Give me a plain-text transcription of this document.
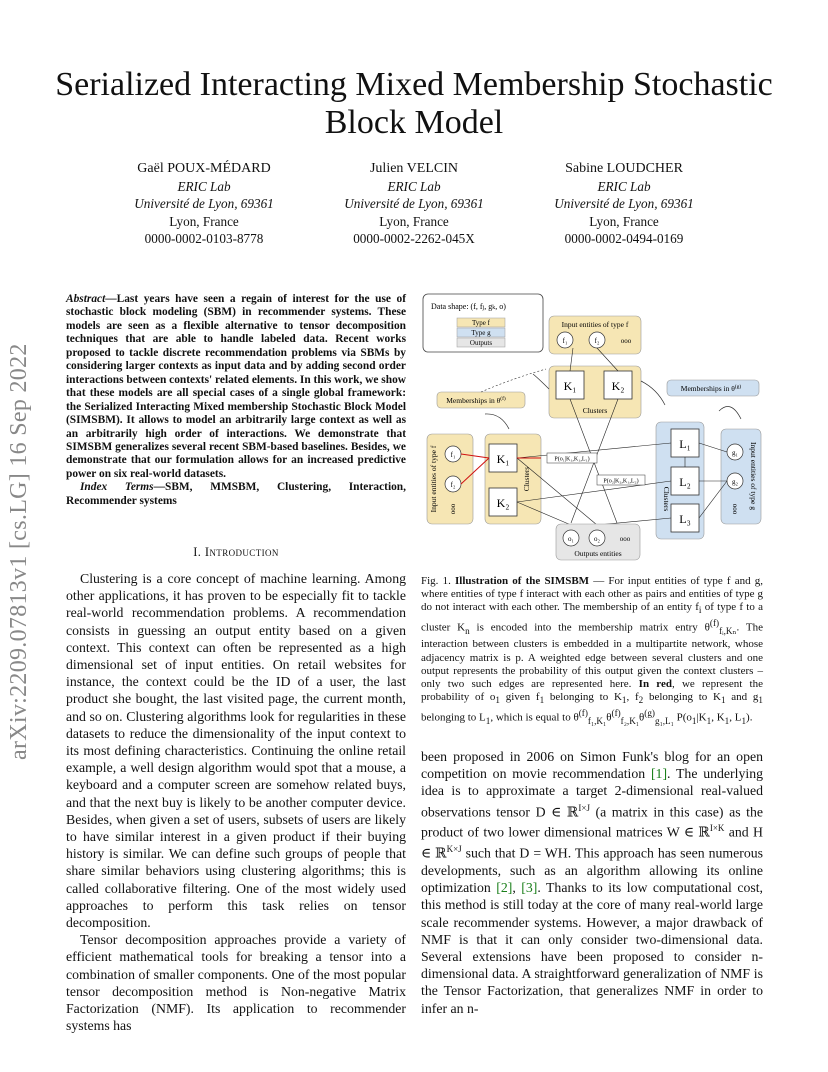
arXiv:2209.07813v1 [cs.LG] 16 Sep 2022
Serialized Interacting Mixed Membership Stochastic Block Model
Gaël POUX-MÉDARD
ERIC Lab
Université de Lyon, 69361
Lyon, France
0000-0002-0103-8778
Julien VELCIN
ERIC Lab
Université de Lyon, 69361
Lyon, France
0000-0002-2262-045X
Sabine LOUDCHER
ERIC Lab
Université de Lyon, 69361
Lyon, France
0000-0002-0494-0169
Abstract—Last years have seen a regain of interest for the use of stochastic block modeling (SBM) in recommender systems. These models are seen as a flexible alternative to tensor decomposition techniques that are able to handle labeled data. Recent works proposed to tackle discrete recommendation problems via SBMs by considering larger contexts as input data and by adding second order interactions between contexts' related elements. In this work, we show that these models are all special cases of a single global framework: the Serialized Interacting Mixed membership Stochastic Block Model (SIMSBM). It allows to model an arbitrarily large context as well as an arbitrarily high order of interactions. We demonstrate that SIMSBM generalizes several recent SBM-based baselines. Besides, we demonstrate that our formulation allows for an increased predictive power on six real-world datasets.
Index Terms—SBM, MMSBM, Clustering, Interaction, Recommender systems
I. Introduction

Clustering is a core concept of machine learning. Among other applications, it has proven to be especially fit to tackle real-world recommendation problems. A recommendation consists in guessing an output entity based on a given context. This context can often be represented as a high dimensional set of input entities. On retail websites for instance, the context could be the ID of a user, the last product she bought, the last visited page, the current month, and so on. Clustering algorithms look for regularities in these datasets to reduce the dimensionality of the input context to its most defining characteristics. Continuing the online retail example, a well design algorithm would spot that a mouse, a keyboard and a computer screen are somehow related buys, and that the next buy is likely to be another computer device. Besides, when given a set of users, subsets of users are likely to have similar interest in a given product if their buying history is similar. We can define such groups of people that share similar behaviors using clustering algorithms; this is called collaborative filtering. One of the most widely used approaches to perform this task relies on tensor decomposition.

Tensor decomposition approaches provide a variety of efficient mathematical tools for breaking a tensor into a combination of smaller components. One of the most popular tensor decomposition method is Non-negative Matrix Factorization (NMF). Its application to recommender systems has

been proposed in 2006 on Simon Funk's blog for an open competition on movie recommendation [1]. The underlying idea is to approximate a target 2-dimensional real-valued observations tensor D ∈ ℝ$^{I\times J}$ (a matrix in this case) as the product of two lower dimensional matrices W ∈ ℝ$^{I\times K}$ and H ∈ ℝ$^{K\times J}$ such that D = WH. This approach has seen numerous developments, such as an algorithm allowing its online optimization [2], [3]. Thanks to its low computational cost, this method is still today at the core of many real-world large scale recommender systems. However, a major drawback of NMF is that it can only consider two-dimensional data. Several extensions have been proposed to consider n-dimensional data. A straightforward generalization of NMF is the Tensor Factorization, that generalizes NMF in order to infer an n-
Data shape: (f, fj, gk, o)
Type f
Type g
Outputs
Input entities of type f
f₁	f₂	ooo
K₁	K₂
Clusters
Memberships in $\theta^{(f)}$
Memberships in $\theta^{(g)}$
Input entities of type f f₁
f₂
ooo
K₁
K₂
Clusters
L₁
L₂
L₃
Clusters
g₁
g₂
ooo Input entities of type g
P(o₁|K₁,K₁,L₁)
P(o₂|K₂,K₁,L₂)
o₁	o₂	ooo
Outputs entities
Fig. 1. Illustration of the SIMSBM — For input entities of type f and g, where entities of type f interact with each other as pairs and entities of type g do not interact with each other. The membership of an entity $f_i$ of type f to a cluster $K_n$ is encoded into the membership matrix entry $\theta^{(f)}_{fᵢ,K_n}$. The interaction between clusters is embedded in a multipartite network, whose adjacency matrix is p. A weighted edge between several clusters and one output represents the probability of this output given the context clusters – only two such edges are represented here. In red, we represent the probability of $o_1$ given $f_1$ belonging to $K_1$, $f_2$ belonging to $K_1$ and $g_1$ belonging to $L_1$, which is equal to $\theta^{(f)}_{f_1,K_1}\theta^{(f)}_{f_2,K_1}\theta^{(g)}_{g_1,L_1}$ $P(o_1|K_1$, $K_1$, $L_1$).
